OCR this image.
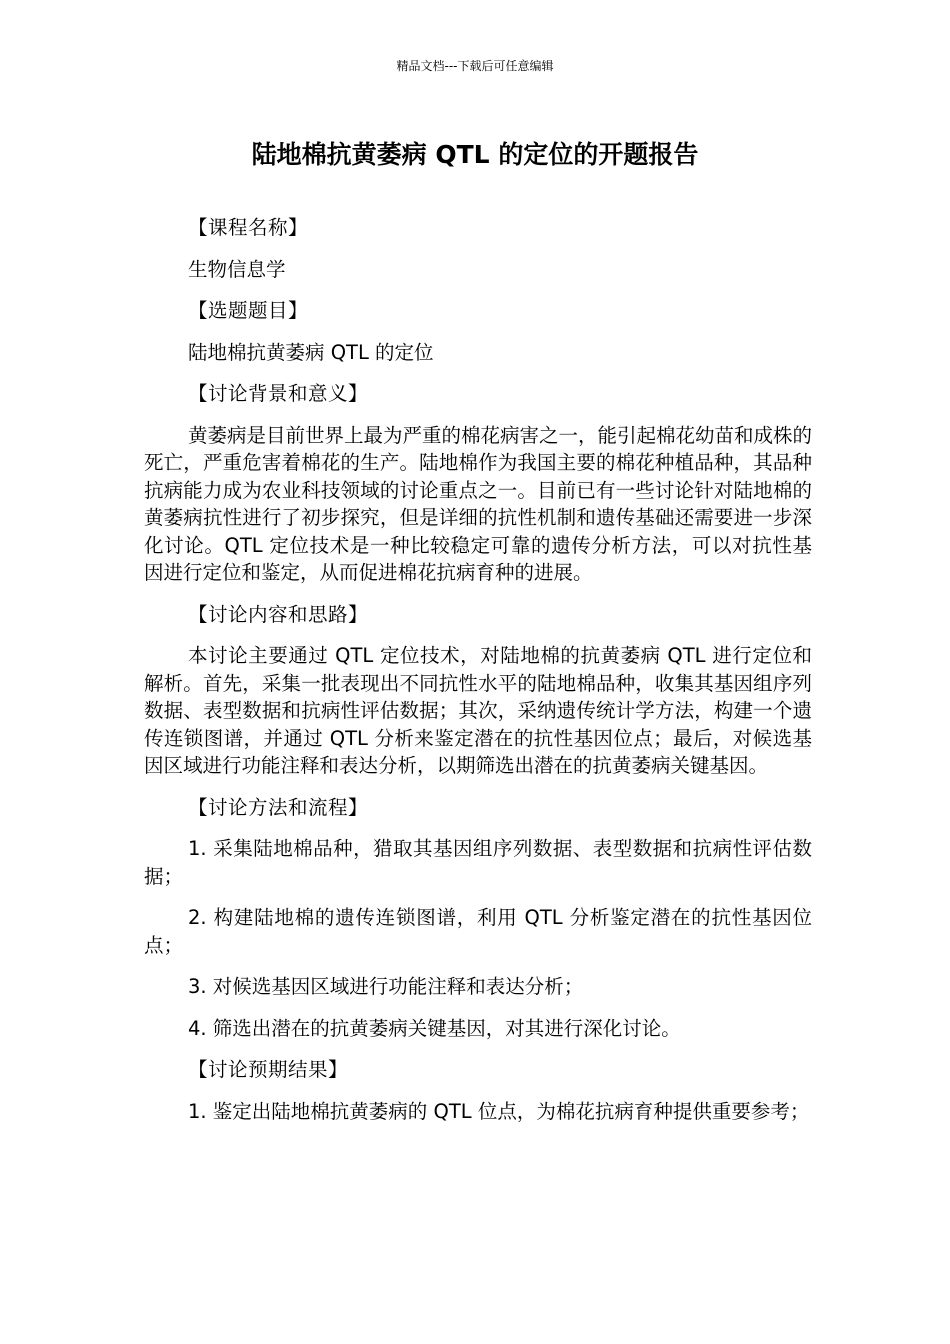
精品文档---下载后可任意编辑
陆地棉抗黄萎病 QTL 的定位的开题报告
【课程名称】
生物信息学
【选题题目】
陆地棉抗黄萎病 QTL 的定位
【讨论背景和意义】

黄萎病是目前世界上最为严重的棉花病害之一，能引起棉花幼苗和成株的死亡，严重危害着棉花的生产。陆地棉作为我国主要的棉花种植品种，其品种抗病能力成为农业科技领域的讨论重点之一。目前已有一些讨论针对陆地棉的黄萎病抗性进行了初步探究，但是详细的抗性机制和遗传基础还需要进一步深化讨论。QTL 定位技术是一种比较稳定可靠的遗传分析方法，可以对抗性基因进行定位和鉴定，从而促进棉花抗病育种的进展。

【讨论内容和思路】

本讨论主要通过 QTL 定位技术，对陆地棉的抗黄萎病 QTL 进行定位和解析。首先，采集一批表现出不同抗性水平的陆地棉品种，收集其基因组序列数据、表型数据和抗病性评估数据；其次，采纳遗传统计学方法，构建一个遗传连锁图谱，并通过 QTL 分析来鉴定潜在的抗性基因位点；最后，对候选基因区域进行功能注释和表达分析，以期筛选出潜在的抗黄萎病关键基因。

【讨论方法和流程】

1. 采集陆地棉品种，猎取其基因组序列数据、表型数据和抗病性评估数据；

2. 构建陆地棉的遗传连锁图谱，利用 QTL 分析鉴定潜在的抗性基因位点；

3. 对候选基因区域进行功能注释和表达分析；

4. 筛选出潜在的抗黄萎病关键基因，对其进行深化讨论。

【讨论预期结果】

1. 鉴定出陆地棉抗黄萎病的 QTL 位点，为棉花抗病育种提供重要参考；
